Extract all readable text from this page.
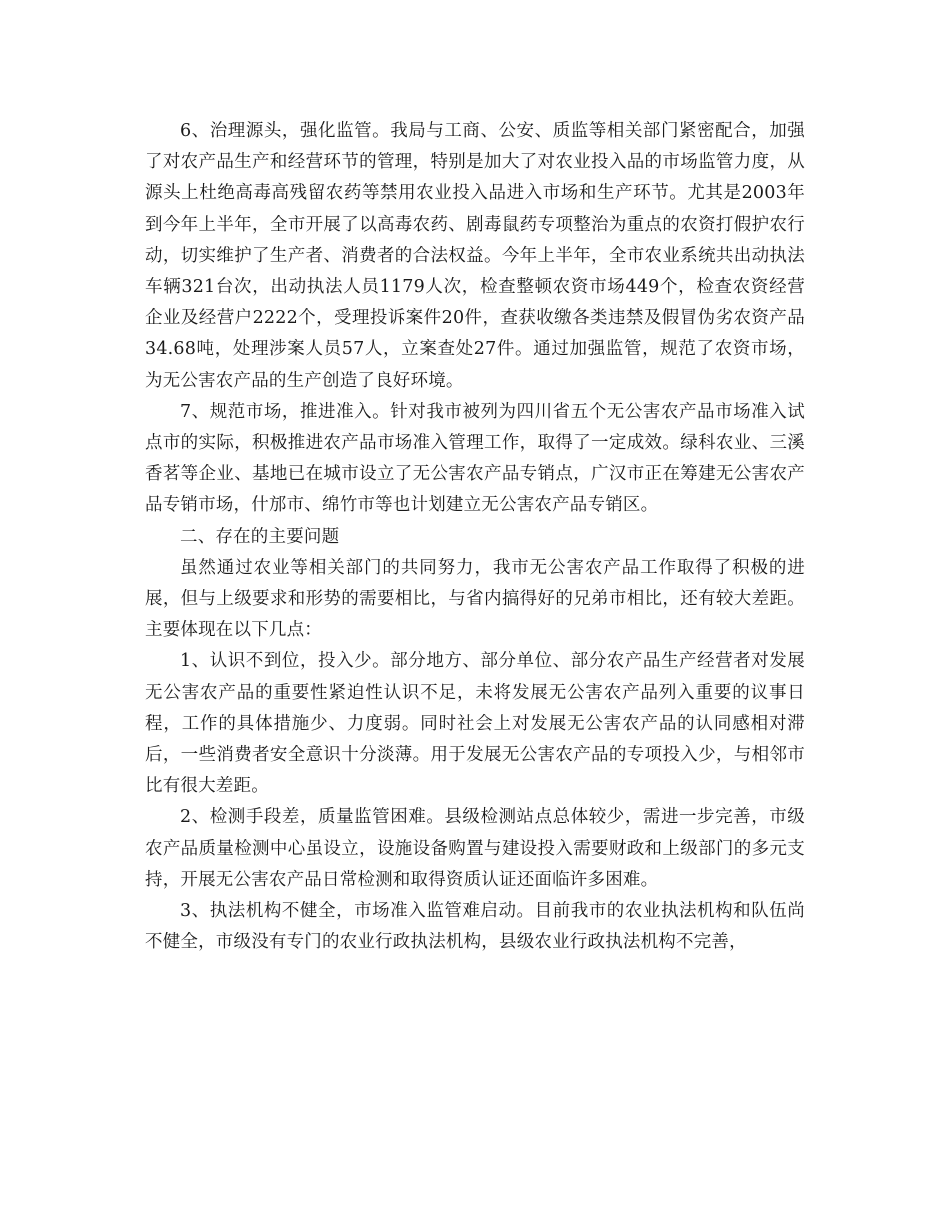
6、治理源头，强化监管。我局与工商、公安、质监等相关部门紧密配合，加强了对农产品生产和经营环节的管理，特别是加大了对农业投入品的市场监管力度，从源头上杜绝高毒高残留农药等禁用农业投入品进入市场和生产环节。尤其是2003年到今年上半年，全市开展了以高毒农药、剧毒鼠药专项整治为重点的农资打假护农行动，切实维护了生产者、消费者的合法权益。今年上半年，全市农业系统共出动执法车辆321台次，出动执法人员1179人次，检查整顿农资市场449个，检查农资经营企业及经营户2222个，受理投诉案件20件，查获收缴各类违禁及假冒伪劣农资产品34.68吨，处理涉案人员57人，立案查处27件。通过加强监管，规范了农资市场，为无公害农产品的生产创造了良好环境。

7、规范市场，推进准入。针对我市被列为四川省五个无公害农产品市场准入试点市的实际，积极推进农产品市场准入管理工作，取得了一定成效。绿科农业、三溪香茗等企业、基地已在城市设立了无公害农产品专销点，广汉市正在筹建无公害农产品专销市场，什邡市、绵竹市等也计划建立无公害农产品专销区。

二、存在的主要问题

虽然通过农业等相关部门的共同努力，我市无公害农产品工作取得了积极的进展，但与上级要求和形势的需要相比，与省内搞得好的兄弟市相比，还有较大差距。主要体现在以下几点：

1、认识不到位，投入少。部分地方、部分单位、部分农产品生产经营者对发展无公害农产品的重要性紧迫性认识不足，未将发展无公害农产品列入重要的议事日程，工作的具体措施少、力度弱。同时社会上对发展无公害农产品的认同感相对滞后，一些消费者安全意识十分淡薄。用于发展无公害农产品的专项投入少，与相邻市比有很大差距。

2、检测手段差，质量监管困难。县级检测站点总体较少，需进一步完善，市级农产品质量检测中心虽设立，设施设备购置与建设投入需要财政和上级部门的多元支持，开展无公害农产品日常检测和取得资质认证还面临许多困难。

3、执法机构不健全，市场准入监管难启动。目前我市的农业执法机构和队伍尚不健全，市级没有专门的农业行政执法机构，县级农业行政执法机构不完善，
